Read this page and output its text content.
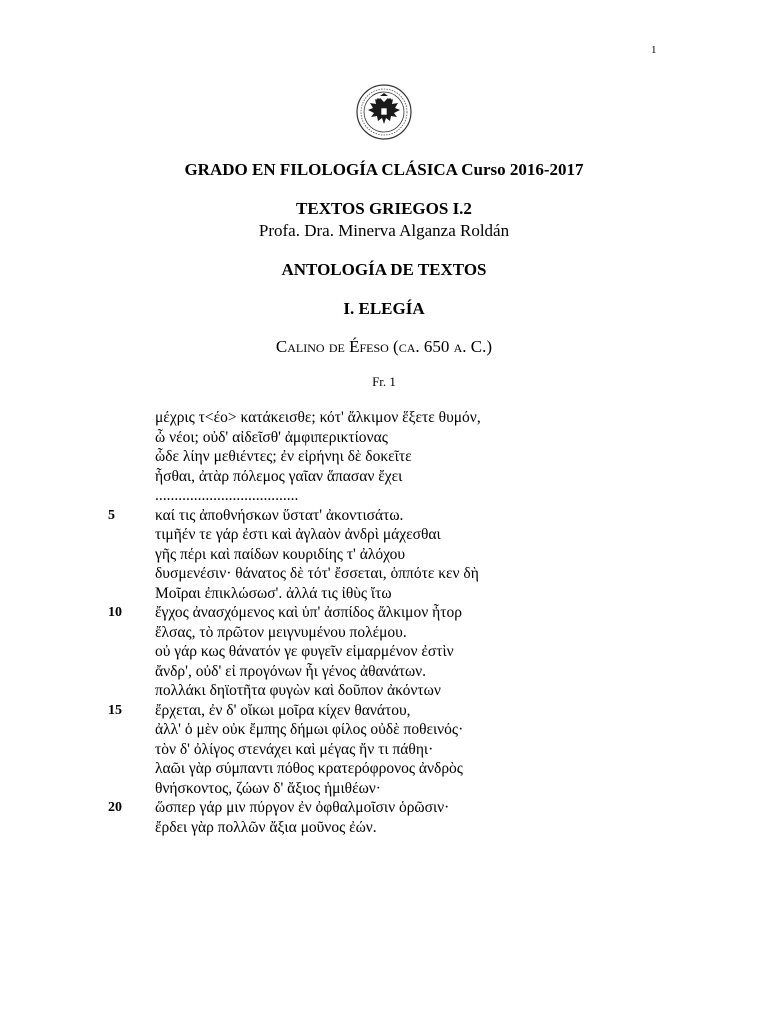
1
GRADO EN FILOLOGÍA CLÁSICA Curso 2016-2017
TEXTOS GRIEGOS I.2
Profa. Dra. Minerva Alganza Roldán
ANTOLOGÍA DE TEXTOS
I. ELEGÍA
Calino de Éfeso (ca. 650 a. C.)
Fr. 1
μέχρις τ<έο> κατάκεισθε; κότ' ἄλκιμον ἕξετε θυμόν,
ὦ νέοι; οὐδ' αἰδεῖσθ' ἀμφιπερικτίονας
ὧδε λίην μεθιέντες; ἐν εἰρήνηι δὲ δοκεῖτε
ἧσθαι, ἀτὰρ πόλεμος γαῖαν ἅπασαν ἔχει
.....................................
5	καί τις ἀποθνήσκων ὕστατ' ἀκοντισάτω.
τιμῆέν τε γάρ ἐστι καὶ ἀγλαὸν ἀνδρὶ μάχεσθαι
γῆς πέρι καὶ παίδων κουριδίης τ' ἀλόχου
δυσμενέσιν· θάνατος δὲ τότ' ἔσσεται, ὁππότε κεν δὴ
Μοῖραι ἐπικλώσωσ'. ἀλλά τις ἰθὺς ἴτω
10 ἔγχος ἀνασχόμενος καὶ ὑπ' ἀσπίδος ἄλκιμον ἦτορ
ἔλσας, τὸ πρῶτον μειγνυμένου πολέμου.
οὐ γάρ κως θάνατόν γε φυγεῖν εἱμαρμένον ἐστὶν
ἄνδρ', οὐδ' εἰ προγόνων ἦι γένος ἀθανάτων.
πολλάκι δηϊοτῆτα φυγὼν καὶ δοῦπον ἀκόντων
15 ἔρχεται, ἐν δ' οἴκωι μοῖρα κίχεν θανάτου,
ἀλλ' ὁ μὲν οὐκ ἔμπης δήμωι φίλος οὐδὲ ποθεινός·
τὸν δ' ὀλίγος στενάχει καὶ μέγας ἤν τι πάθηι·
λαῶι γὰρ σύμπαντι πόθος κρατερόφρονος ἀνδρὸς
θνήσκοντος, ζώων δ' ἄξιος ἡμιθέων·
20 ὥσπερ γάρ μιν πύργον ἐν ὀφθαλμοῖσιν ὁρῶσιν·
ἔρδει γὰρ πολλῶν ἄξια μοῦνος ἐών.
